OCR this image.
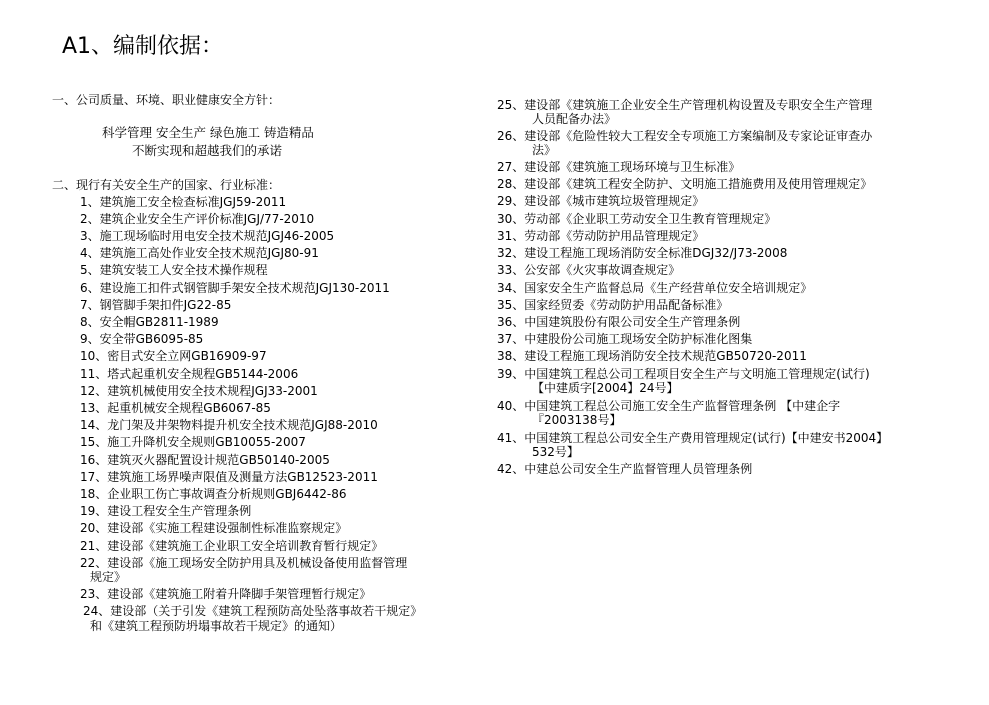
A1、编制依据：
一、公司质量、环境、职业健康安全方针：
科学管理 安全生产 绿色施工 铸造精品
不断实现和超越我们的承诺
二、现行有关安全生产的国家、行业标准：
1、建筑施工安全检查标准JGJ59-2011
2、建筑企业安全生产评价标准JGJ/77-2010
3、施工现场临时用电安全技术规范JGJ46-2005
4、建筑施工高处作业安全技术规范JGJ80-91
5、建筑安装工人安全技术操作规程
6、建设施工扣件式钢管脚手架安全技术规范JGJ130-2011
7、钢管脚手架扣件JG22-85
8、安全帽GB2811-1989
9、安全带GB6095-85
10、密目式安全立网GB16909-97
11、塔式起重机安全规程GB5144-2006
12、建筑机械使用安全技术规程JGJ33-2001
13、起重机械安全规程GB6067-85
14、龙门架及井架物料提升机安全技术规范JGJ88-2010
15、施工升降机安全规则GB10055-2007
16、建筑灭火器配置设计规范GB50140-2005
17、建筑施工场界噪声限值及测量方法GB12523-2011
18、企业职工伤亡事故调查分析规则GBJ6442-86
19、建设工程安全生产管理条例
20、建设部《实施工程建设强制性标准监察规定》
21、建设部《建筑施工企业职工安全培训教育暂行规定》
22、建设部《施工现场安全防护用具及机械设备使用监督管理
规定》
23、建设部《建筑施工附着升降脚手架管理暂行规定》
24、建设部（关于引发《建筑工程预防高处坠落事故若干规定》
和《建筑工程预防坍塌事故若干规定》的通知）
25、建设部《建筑施工企业安全生产管理机构设置及专职安全生产管理
人员配备办法》
26、建设部《危险性较大工程安全专项施工方案编制及专家论证审查办
法》
27、建设部《建筑施工现场环境与卫生标准》
28、建设部《建筑工程安全防护、文明施工措施费用及使用管理规定》
29、建设部《城市建筑垃圾管理规定》
30、劳动部《企业职工劳动安全卫生教育管理规定》
31、劳动部《劳动防护用品管理规定》
32、建设工程施工现场消防安全标准DGJ32/J73-2008
33、公安部《火灾事故调查规定》
34、国家安全生产监督总局《生产经营单位安全培训规定》
35、国家经贸委《劳动防护用品配备标准》
36、中国建筑股份有限公司安全生产管理条例
37、中建股份公司施工现场安全防护标准化图集
38、建设工程施工现场消防安全技术规范GB50720-2011
39、中国建筑工程总公司工程项目安全生产与文明施工管理规定(试行)
【中建质字[2004】24号】
40、中国建筑工程总公司施工安全生产监督管理条例 【中建企字
『2003138号】
41、中国建筑工程总公司安全生产费用管理规定(试行)【中建安书2004】
532号】
42、中建总公司安全生产监督管理人员管理条例
